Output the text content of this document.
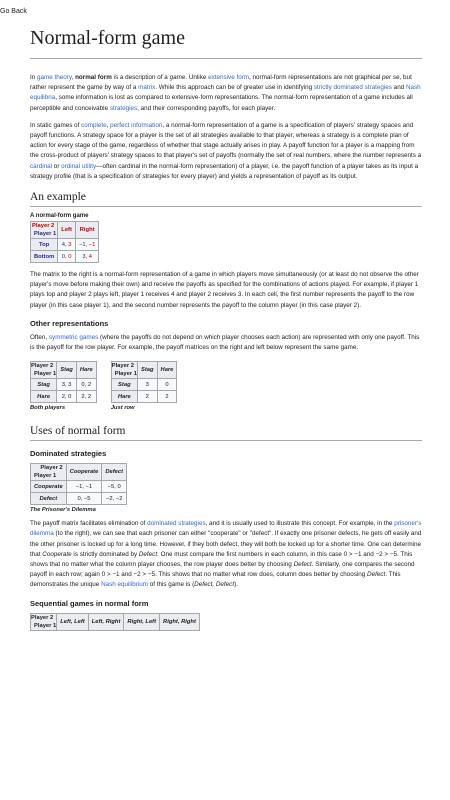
Go Back
Normal-form game

In game theory, normal form is a description of a game. Unlike extensive form, normal-form representations are not graphical per se, but rather represent the game by way of a matrix. While this approach can be of greater use in identifying strictly dominated strategies and Nash equilibria, some information is lost as compared to extensive-form representations. The normal-form representation of a game includes all perceptible and conceivable strategies, and their corresponding payoffs, for each player.

In static games of complete, perfect information, a normal-form representation of a game is a specification of players' strategy spaces and payoff functions. A strategy space for a player is the set of all strategies available to that player, whereas a strategy is a complete plan of action for every stage of the game, regardless of whether that stage actually arises in play. A payoff function for a player is a mapping from the cross-product of players' strategy spaces to that player's set of payoffs (normally the set of real numbers, where the number represents a cardinal or ordinal utility—often cardinal in the normal-form representation) of a player, i.e. the payoff function of a player takes as its input a strategy profile (that is a specification of strategies for every player) and yields a representation of payoff as its output.

An example
A normal-form game
Player 2
Player 1	Left	Right
Top	4, 3	−1, −1
Bottom	0, 0	3, 4

The matrix to the right is a normal-form representation of a game in which players move simultaneously (or at least do not observe the other player's move before making their own) and receive the payoffs as specified for the combinations of actions played. For example, if player 1 plays top and player 2 plays left, player 1 receives 4 and player 2 receives 3. In each cell, the first number represents the payoff to the row player (in this case player 1), and the second number represents the payoff to the column player (in this case player 2).

Other representations

Often, symmetric games (where the payoffs do not depend on which player chooses each action) are represented with only one payoff. This is the payoff for the row player. For example, the payoff matrices on the right and left below represent the same game.

Player 2
Player 1	Stag	Hare
Stag	3, 3	0, 2
Hare	2, 0	2, 2
Both players
Player 2
Player 1	Stag	Hare
Stag	3	0
Hare	2	2
Just row
Uses of normal form
Dominated strategies
Player 2
Player 1	Cooperate	Defect
Cooperate	−1, −1	−5, 0
Defect	0, −5	−2, −2
The Prisoner's Dilemma

The payoff matrix facilitates elimination of dominated strategies, and it is usually used to illustrate this concept. For example, in the prisoner's dilemma (to the right), we can see that each prisoner can either "cooperate" or "defect". If exactly one prisoner defects, he gets off easily and the other prisoner is locked up for a long time. However, if they both defect, they will both be locked up for a shorter time. One can determine that Cooperate is strictly dominated by Defect. One must compare the first numbers in each column, in this case 0 > −1 and −2 > −5. This shows that no matter what the column player chooses, the row player does better by choosing Defect. Similarly, one compares the second payoff in each row; again 0 > −1 and −2 > −5. This shows that no matter what row does, column does better by choosing Defect. This demonstrates the unique Nash equilibrium of this game is (Defect, Defect).

Sequential games in normal form
Player 2
Player 1
	Left, Left	Left, Right	Right, Left	Right, Right
